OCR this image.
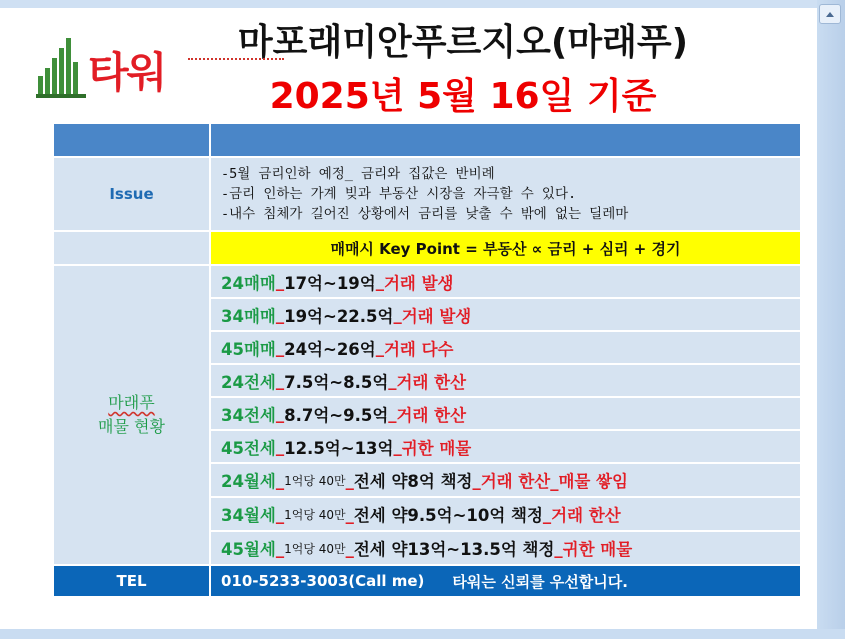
타워
마포래미안푸르지오(마래푸)
2025년 5월 16일 기준
Issue
-5월 금리인하 예정_ 금리와 집값은 반비례
-금리 인하는 가계 빚과 부동산 시장을 자극할 수 있다.
-내수 침체가 길어진 상황에서 금리를 낮출 수 밖에 없는 딜레마
매매시 Key Point = 부동산 ∝ 금리 + 심리 + 경기
마래푸
매물 현황
24매매 _ 17억~19억 _ 거래 발생
34매매 _ 19억~22.5억 _ 거래 발생
45매매 _ 24억~26억 _ 거래 다수
24전세 _ 7.5억~8.5억 _ 거래 한산
34전세 _ 8.7억~9.5억 _ 거래 한산
45전세 _ 12.5억~13억 _ 귀한 매물
24월세 _ 1억당 40만 _ 전세 약8억 책정 _ 거래 한산_매물 쌓임
34월세 _ 1억당 40만 _ 전세 약9.5억~10억 책정 _ 거래 한산
45월세 _ 1억당 40만 _ 전세 약13억~13.5억 책정 _ 귀한 매물
TEL	010-5233-3003(Call me) 타워는 신뢰를 우선합니다.
